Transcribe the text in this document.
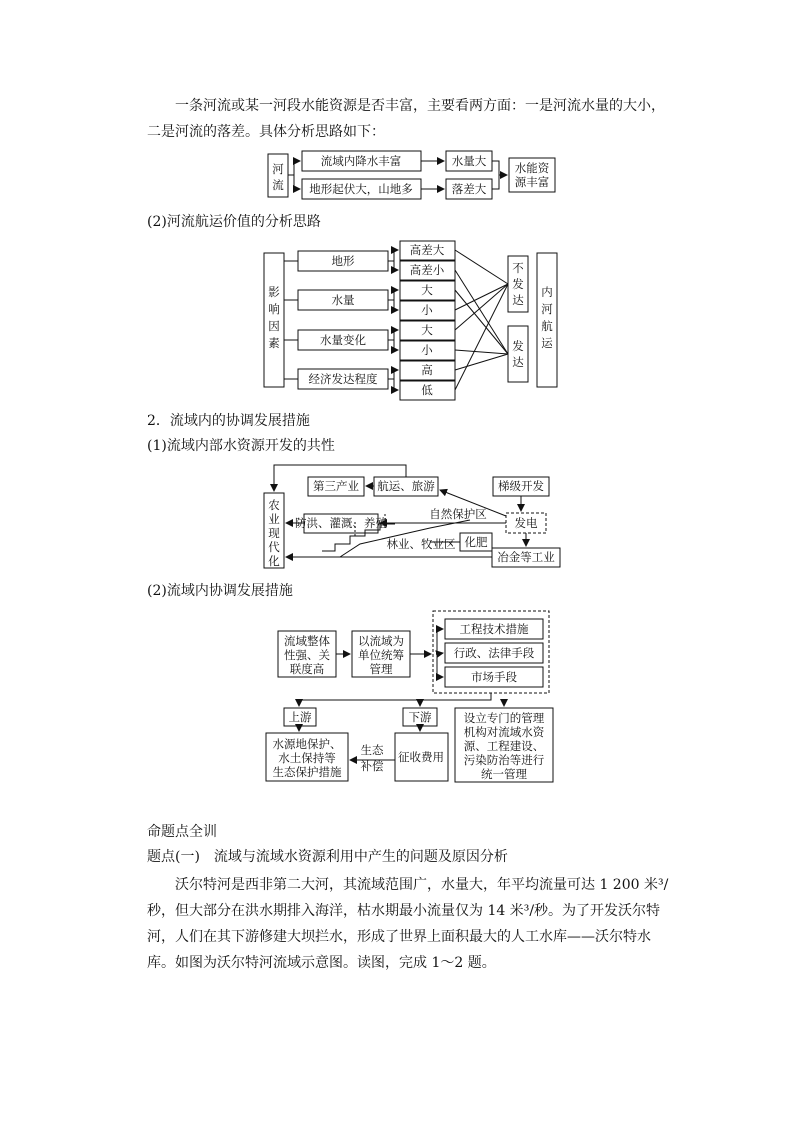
一条河流或某一河段水能资源是否丰富，主要看两方面：一是河流水量的大小，二是河流的落差。具体分析思路如下：

河
流
流域内降水丰富
地形起伏大，山地多
水量大
落差大
水能资
源丰富
影
响
因
素
地形
水量
水量变化
经济发达程度
高差大
高差小
大
小
大
小
高
低
不
发
达
发
达
内
河
航
运
农
业
现
代
化
第三产业 航运、旅游	梯级开发
防洪、灌溉、养殖
自然保护区
发电
林业、牧业区 化肥
冶金等工业
流域整体
性强、关
联度高
以流域为
单位统筹
管理
工程技术措施
行政、法律手段
市场手段
上游	下游
水源地保护、
水土保持等
生态保护措施
生态
补偿
征收费用
设立专门的管理
机构对流域水资
源、工程建设、
污染防治等进行
统一管理
(2)河流航运价值的分析思路
2．流域内的协调发展措施
(1)流域内部水资源开发的共性
(2)流域内协调发展措施
命题点全训
题点(一)　流域与流域水资源利用中产生的问题及原因分析

沃尔特河是西非第二大河，其流域范围广，水量大，年平均流量可达 1 200 米³/秒，但大部分在洪水期排入海洋，枯水期最小流量仅为 14 米³/秒。为了开发沃尔特河，人们在其下游修建大坝拦水，形成了世界上面积最大的人工水库——沃尔特水库。如图为沃尔特河流域示意图。读图，完成 1～2 题。
